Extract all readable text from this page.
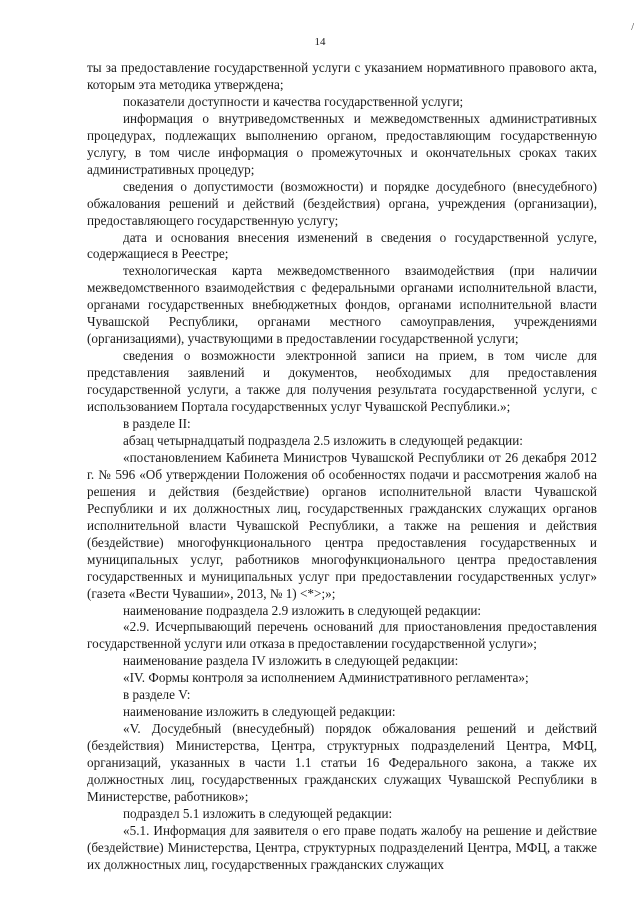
14
/

ты за предоставление государственной услуги с указанием нормативного правового акта, которым эта методика утверждена;

показатели доступности и качества государственной услуги;

информация о внутриведомственных и межведомственных административных процедурах, подлежащих выполнению органом, предоставляющим государственную услугу, в том числе информация о промежуточных и окончательных сроках таких административных процедур;

сведения о допустимости (возможности) и порядке досудебного (внесудебного) обжалования решений и действий (бездействия) органа, учреждения (организации), предоставляющего государственную услугу;

дата и основания внесения изменений в сведения о государственной услуге, содержащиеся в Реестре;

технологическая карта межведомственного взаимодействия (при наличии межведомственного взаимодействия с федеральными органами исполнительной власти, органами государственных внебюджетных фондов, органами исполнительной власти Чувашской Республики, органами местного самоуправления, учреждениями (организациями), участвующими в предоставлении государственной услуги;

сведения о возможности электронной записи на прием, в том числе для представления заявлений и документов, необходимых для предоставления государственной услуги, а также для получения результата государственной услуги, с использованием Портала государственных услуг Чувашской Республики.»;

в разделе II:

абзац четырнадцатый подраздела 2.5 изложить в следующей редакции:

«постановлением Кабинета Министров Чувашской Республики от 26 декабря 2012 г. № 596 «Об утверждении Положения об особенностях подачи и рассмотрения жалоб на решения и действия (бездействие) органов исполнительной власти Чувашской Республики и их должностных лиц, государственных гражданских служащих органов исполнительной власти Чувашской Республики, а также на решения и действия (бездействие) многофункционального центра предоставления государственных и муниципальных услуг, работников многофункционального центра предоставления государственных и муниципальных услуг при предоставлении государственных услуг» (газета «Вести Чувашии», 2013, № 1) <*>;»;

наименование подраздела 2.9 изложить в следующей редакции:

«2.9. Исчерпывающий перечень оснований для приостановления предоставления государственной услуги или отказа в предоставлении государственной услуги»;

наименование раздела IV изложить в следующей редакции:

«IV. Формы контроля за исполнением Административного регламента»;

в разделе V:

наименование изложить в следующей редакции:

«V. Досудебный (внесудебный) порядок обжалования решений и действий (бездействия) Министерства, Центра, структурных подразделений Центра, МФЦ, организаций, указанных в части 1.1 статьи 16 Федерального закона, а также их должностных лиц, государственных гражданских служащих Чувашской Республики в Министерстве, работников»;

подраздел 5.1 изложить в следующей редакции:

«5.1. Информация для заявителя о его праве подать жалобу на решение и действие (бездействие) Министерства, Центра, структурных подразделений Центра, МФЦ, а также их должностных лиц, государственных гражданских служащих
